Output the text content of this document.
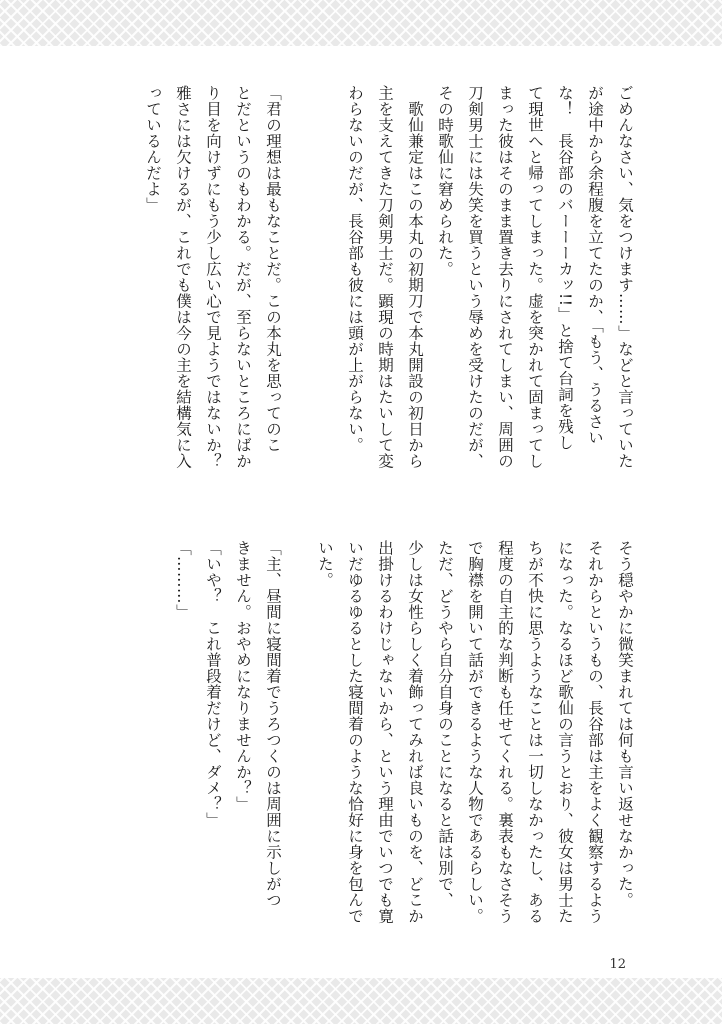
ごめんなさい、気をつけます……」などと言っていた
が途中から余程腹を立てたのか、「もう、うるさい
な！　長谷部のバーーーカッ!!」と捨て台詞を残し
て現世へと帰ってしまった。虚を突かれて固まってし
まった彼はそのまま置き去りにされてしまい、周囲の
刀剣男士には失笑を買うという辱めを受けたのだが、
その時歌仙に窘められた。
　歌仙兼定はこの本丸の初期刀で本丸開設の初日から
主を支えてきた刀剣男士だ。顕現の時期はたいして変
わらないのだが、長谷部も彼には頭が上がらない。
「君の理想は最もなことだ。この本丸を思ってのこ
とだというのもわかる。だが、至らないところにばか
り目を向けずにもう少し広い心で見ようではないか？
雅さには欠けるが、これでも僕は今の主を結構気に入
っているんだよ」
そう穏やかに微笑まれては何も言い返せなかった。
それからというもの、長谷部は主をよく観察するよう
になった。なるほど歌仙の言うとおり、彼女は男士た
ちが不快に思うようなことは一切しなかったし、ある
程度の自主的な判断も任せてくれる。裏表もなさそう
で胸襟を開いて話ができるような人物であるらしい。
ただ、どうやら自分自身のことになると話は別で、
少しは女性らしく着飾ってみれば良いものを、どこか
出掛けるわけじゃないから、という理由でいつでも寛
いだゆるゆるとした寝間着のような恰好に身を包んで
いた。
「主、昼間に寝間着でうろつくのは周囲に示しがつ
きません。おやめになりませんか？」
「いや？　これ普段着だけど、ダメ？」
「………」
12
